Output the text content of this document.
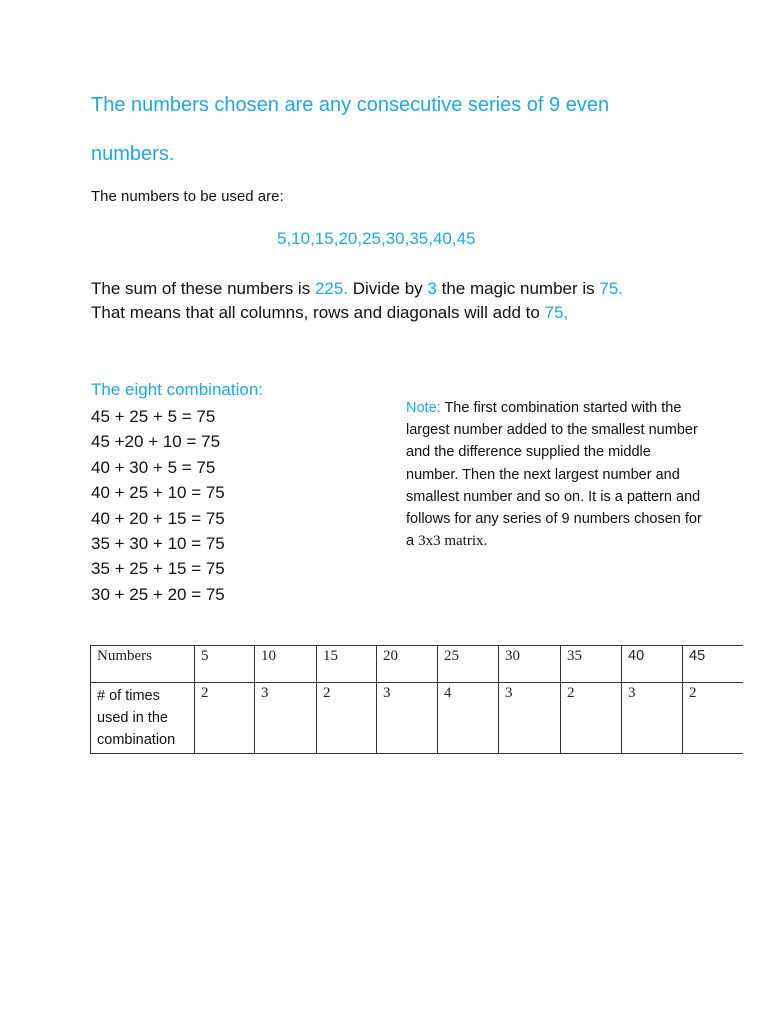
The numbers chosen are any consecutive series of 9 even
numbers.
The numbers to be used are:
5,10,15,20,25,30,35,40,45
The sum of these numbers is 225. Divide by 3 the magic number is 75.
That means that all columns, rows and diagonals will add to 75,
The eight combination:
45 + 25 + 5 = 75
45 +20 + 10 = 75
40 + 30 + 5 = 75
40 + 25 + 10 = 75
40 + 20 + 15 = 75
35 + 30 + 10 = 75
35 + 25 + 15 = 75
30 + 25 + 20 = 75
Note: The first combination started with the largest number added to the smallest number and the difference supplied the middle number. Then the next largest number and smallest number and so on. It is a pattern and follows for any series of 9 numbers chosen for a 3x3 matrix.
Numbers	5	10	15	20	25	30	35	40	45
# of times used in the combination	2	3	2	3	4	3	2	3	2
